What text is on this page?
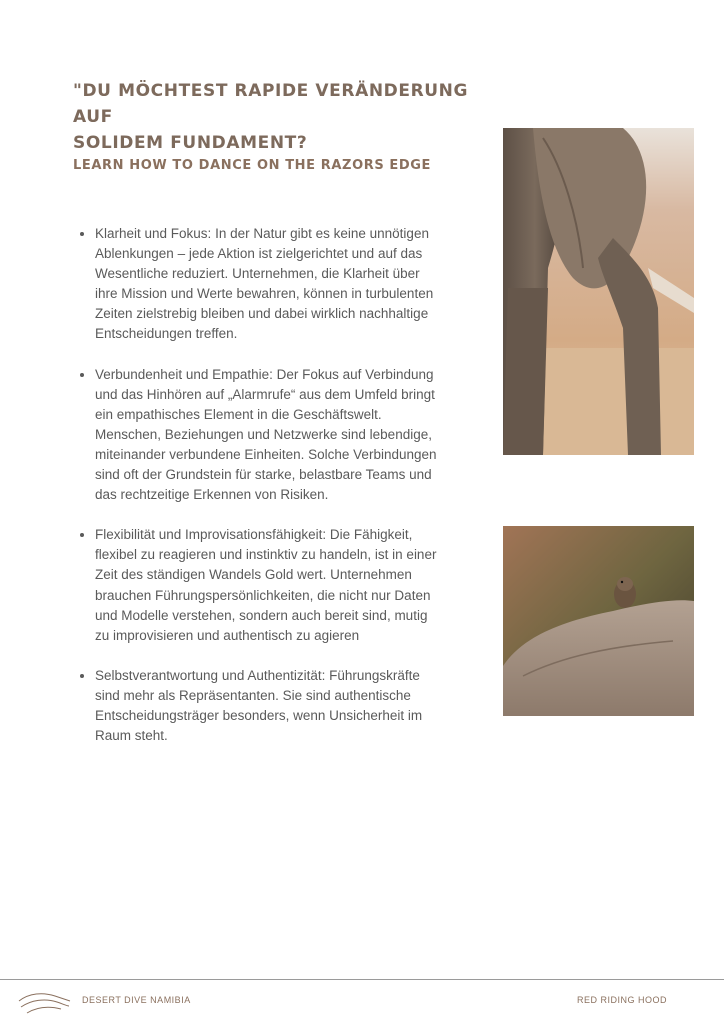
"DU MÖCHTEST RAPIDE VERÄNDERUNG AUF
SOLIDEM FUNDAMENT?
LEARN HOW TO DANCE ON THE RAZORS EDGE
Klarheit und Fokus: In der Natur gibt es keine unnötigen Ablenkungen – jede Aktion ist zielgerichtet und auf das Wesentliche reduziert. Unternehmen, die Klarheit über ihre Mission und Werte bewahren, können in turbulenten Zeiten zielstrebig bleiben und dabei wirklich nachhaltige Entscheidungen treffen.
Verbundenheit und Empathie: Der Fokus auf Verbindung und das Hinhören auf „Alarmrufe“ aus dem Umfeld bringt ein empathisches Element in die Geschäftswelt. Menschen, Beziehungen und Netzwerke sind lebendige, miteinander verbundene Einheiten. Solche Verbindungen sind oft der Grundstein für starke, belastbare Teams und das rechtzeitige Erkennen von Risiken.
Flexibilität und Improvisationsfähigkeit: Die Fähigkeit, flexibel zu reagieren und instinktiv zu handeln, ist in einer Zeit des ständigen Wandels Gold wert. Unternehmen brauchen Führungspersönlichkeiten, die nicht nur Daten und Modelle verstehen, sondern auch bereit sind, mutig zu improvisieren und authentisch zu agieren
Selbstverantwortung und Authentizität: Führungskräfte sind mehr als Repräsentanten. Sie sind authentische Entscheidungsträger besonders, wenn Unsicherheit im Raum steht.
DESERT DIVE NAMIBIA	RED RIDING HOOD
